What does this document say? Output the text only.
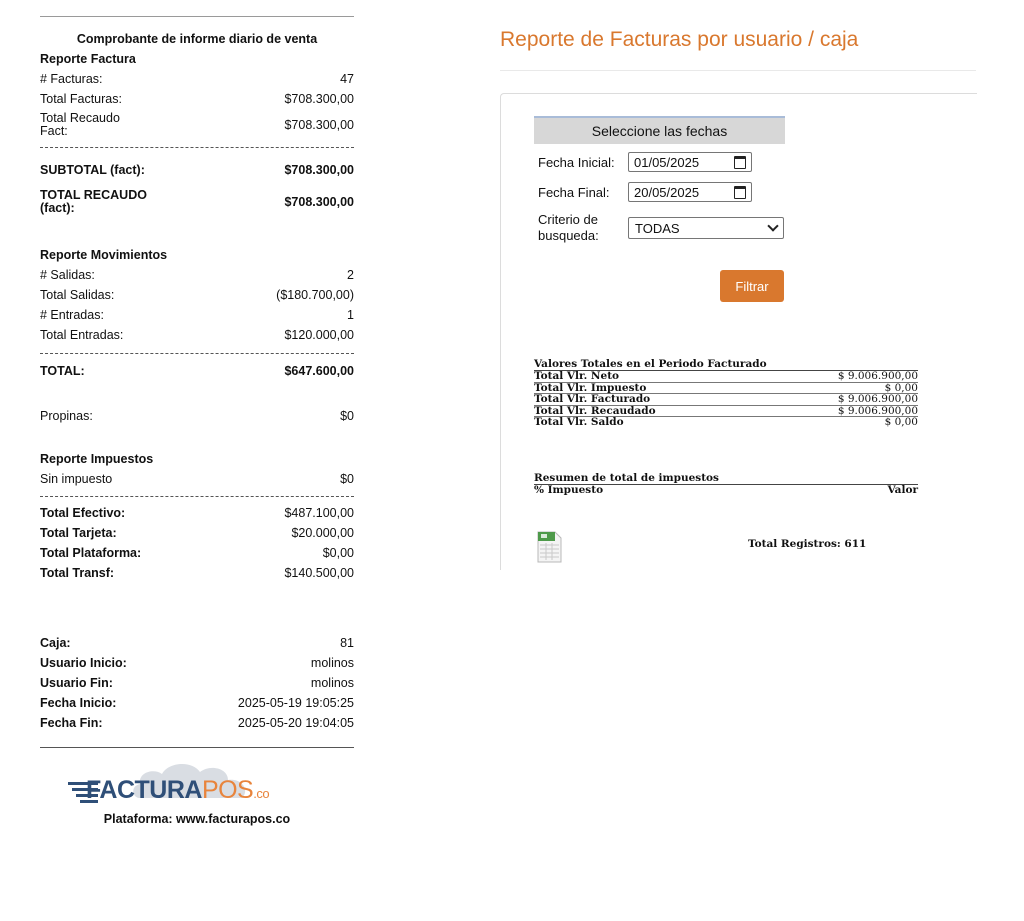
Comprobante de informe diario de venta
Reporte Factura
# Facturas:	47
Total Facturas:	$708.300,00
Total Recaudo Fact:	$708.300,00
SUBTOTAL (fact):	$708.300,00
TOTAL RECAUDO (fact):	$708.300,00
Reporte Movimientos
# Salidas:	2
Total Salidas:	($180.700,00)
# Entradas:	1
Total Entradas:	$120.000,00
TOTAL:	$647.600,00
Propinas:	$0
Reporte Impuestos
Sin impuesto	$0
Total Efectivo:	$487.100,00
Total Tarjeta:	$20.000,00
Total Plataforma:	$0,00
Total Transf:	$140.500,00
Caja:	81
Usuario Inicio:	molinos
Usuario Fin:	molinos
Fecha Inicio:	2025-05-19 19:05:25
Fecha Fin:	2025-05-20 19:04:05
FACTURAPOS.co
Plataforma: www.facturapos.co
Reporte de Facturas por usuario / caja
Seleccione las fechas
Fecha Inicial:	01/05/2025
Fecha Final:	20/05/2025
Criterio de busqueda:	TODAS
Filtrar
Valores Totales en el Periodo Facturado
Total Vlr. Neto	$ 9.006.900,00
Total Vlr. Impuesto	$ 0,00
Total Vlr. Facturado	$ 9.006.900,00
Total Vlr. Recaudado	$ 9.006.900,00
Total Vlr. Saldo	$ 0,00
Resumen de total de impuestos
% Impuesto	Valor
Total Registros: 611
